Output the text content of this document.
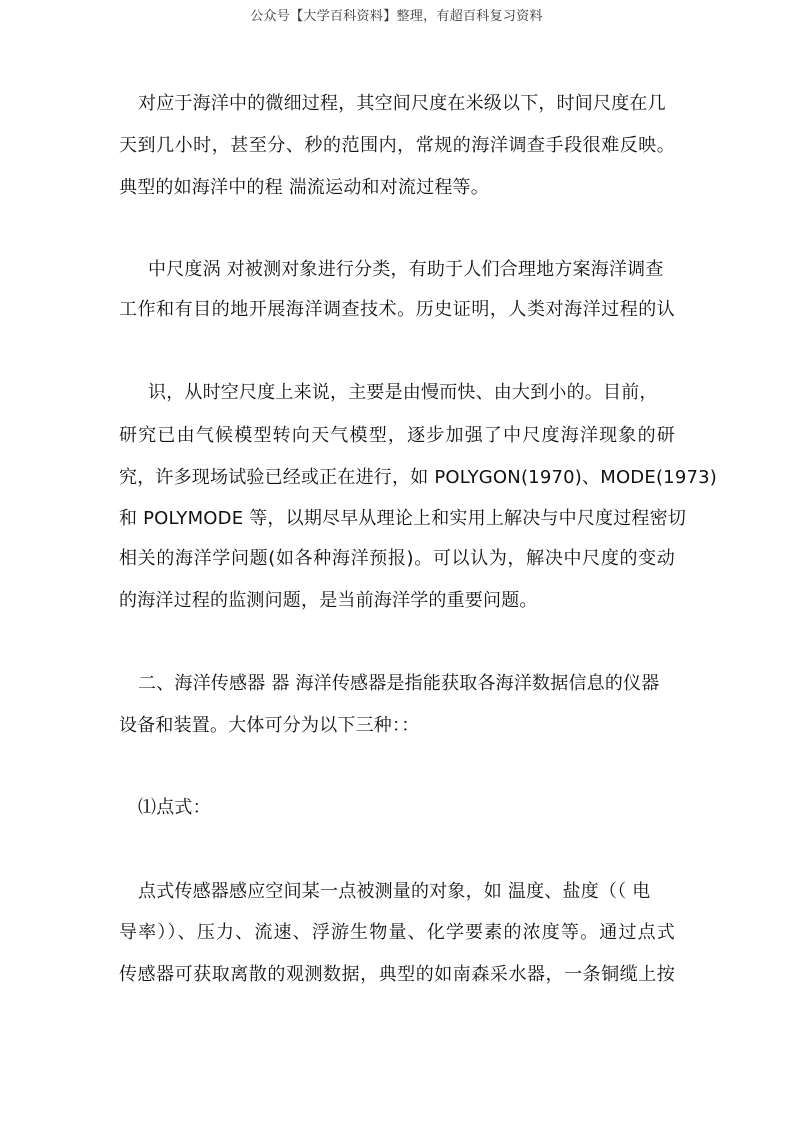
公众号【大学百科资料】整理，有超百科复习资料
对应于海洋中的微细过程，其空间尺度在米级以下，时间尺度在几
天到几小时，甚至分、秒的范围内，常规的海洋调查手段很难反映。
典型的如海洋中的程 湍流运动和对流过程等。
中尺度涡 对被测对象进行分类，有助于人们合理地方案海洋调查
工作和有目的地开展海洋调查技术。历史证明，人类对海洋过程的认
识，从时空尺度上来说，主要是由慢而快、由大到小的。目前，
研究已由气候模型转向天气模型，逐步加强了中尺度海洋现象的研
究，许多现场试验已经或正在进行，如 POLYGON(1970)、MODE(1973)
和 POLYMODE 等，以期尽早从理论上和实用上解决与中尺度过程密切
相关的海洋学问题(如各种海洋预报)。可以认为，解决中尺度的变动
的海洋过程的监测问题，是当前海洋学的重要问题。
二、海洋传感器 器 海洋传感器是指能获取各海洋数据信息的仪器
设备和装置。大体可分为以下三种：：
⑴点式：
点式传感器感应空间某一点被测量的对象，如 温度、盐度（（ 电
导率））、压力、流速、浮游生物量、化学要素的浓度等。通过点式
传感器可获取离散的观测数据，典型的如南森采水器，一条铜缆上按
